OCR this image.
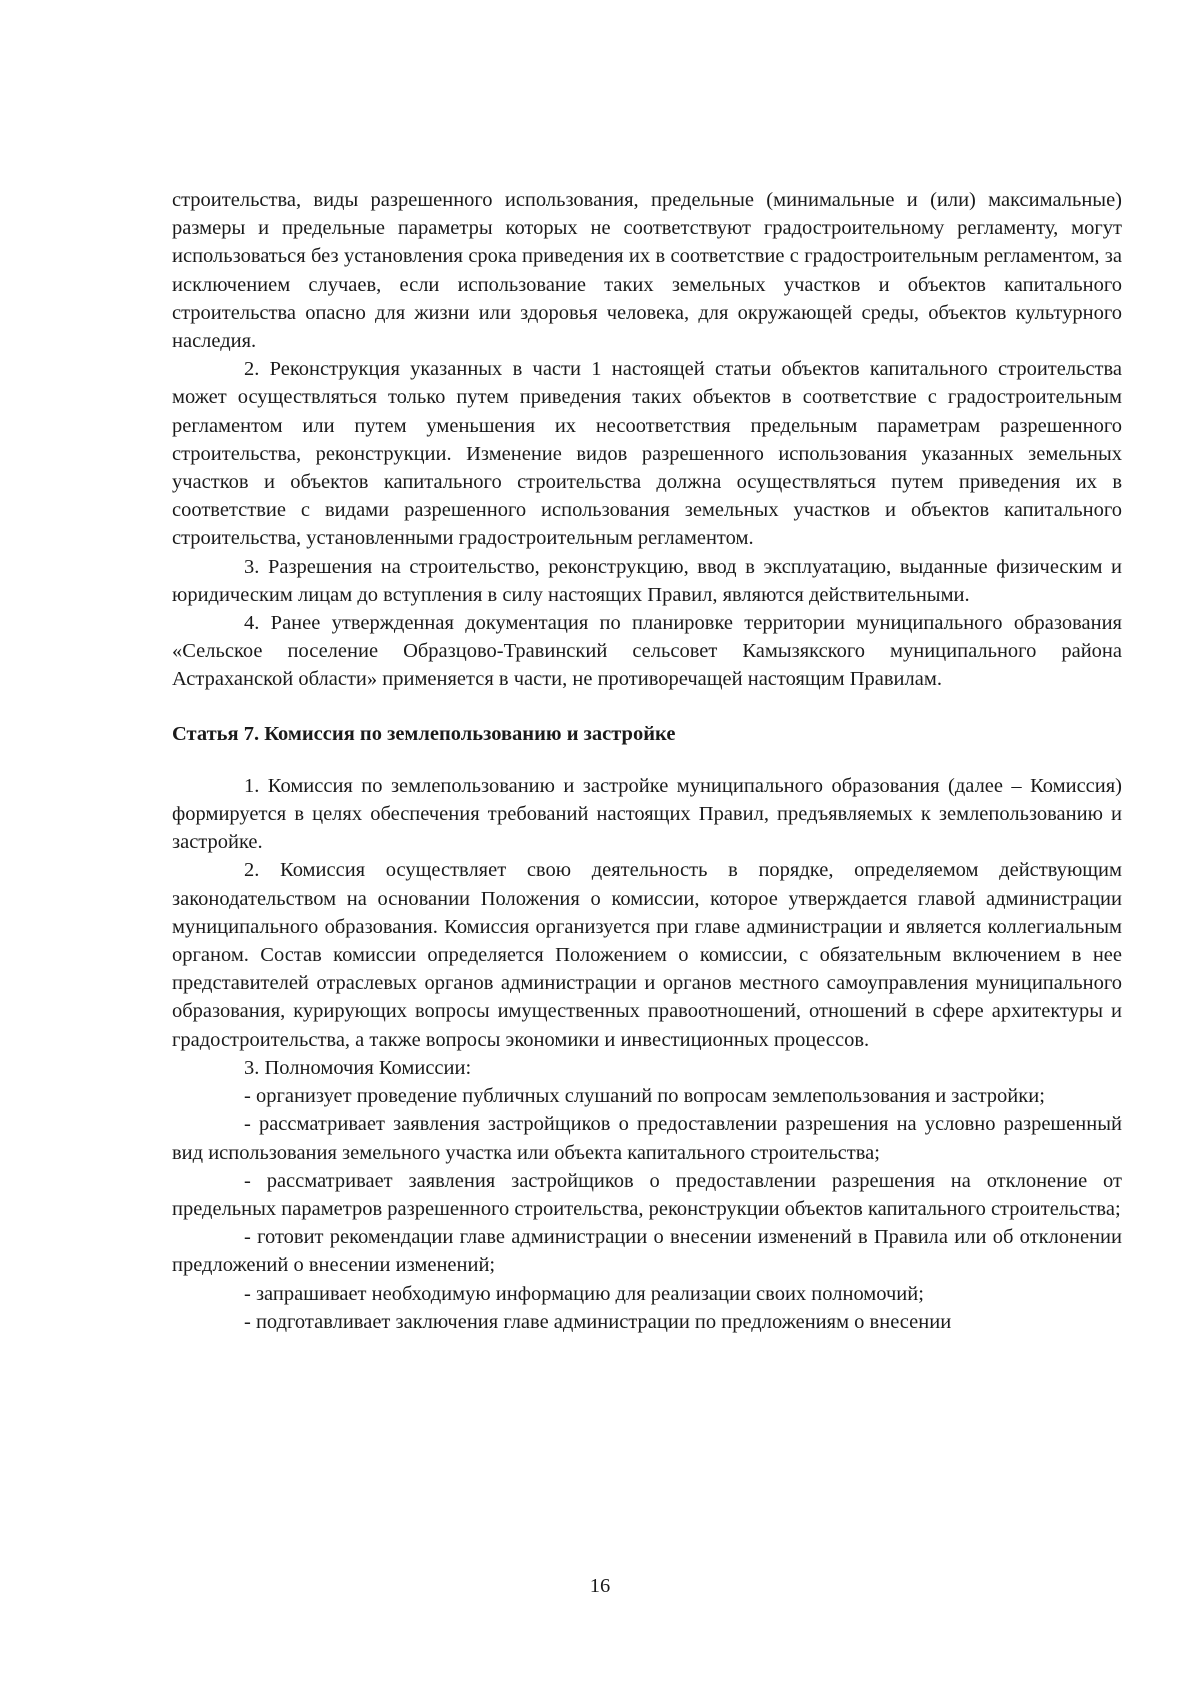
строительства, виды разрешенного использования, предельные (минимальные и (или) максимальные) размеры и предельные параметры которых не соответствуют градостроительному регламенту, могут использоваться без установления срока приведения их в соответствие с градостроительным регламентом, за исключением случаев, если использование таких земельных участков и объектов капитального строительства опасно для жизни или здоровья человека, для окружающей среды, объектов культурного наследия.

2. Реконструкция указанных в части 1 настоящей статьи объектов капитального строительства может осуществляться только путем приведения таких объектов в соответствие с градостроительным регламентом или путем уменьшения их несоответствия предельным параметрам разрешенного строительства, реконструкции. Изменение видов разрешенного использования указанных земельных участков и объектов капитального строительства должна осуществляться путем приведения их в соответствие с видами разрешенного использования земельных участков и объектов капитального строительства, установленными градостроительным регламентом.

3. Разрешения на строительство, реконструкцию, ввод в эксплуатацию, выданные физическим и юридическим лицам до вступления в силу настоящих Правил, являются действительными.

4. Ранее утвержденная документация по планировке территории муниципального образования «Сельское поселение Образцово-Травинский сельсовет Камызякского муниципального района Астраханской области» применяется в части, не противоречащей настоящим Правилам.

Статья 7. Комиссия по землепользованию и застройке

1. Комиссия по землепользованию и застройке муниципального образования (далее – Комиссия) формируется в целях обеспечения требований настоящих Правил, предъявляемых к землепользованию и застройке.

2. Комиссия осуществляет свою деятельность в порядке, определяемом действующим законодательством на основании Положения о комиссии, которое утверждается главой администрации муниципального образования. Комиссия организуется при главе администрации и является коллегиальным органом. Состав комиссии определяется Положением о комиссии, с обязательным включением в нее представителей отраслевых органов администрации и органов местного самоуправления муниципального образования, курирующих вопросы имущественных правоотношений, отношений в сфере архитектуры и градостроительства, а также вопросы экономики и инвестиционных процессов.

3. Полномочия Комиссии:

- организует проведение публичных слушаний по вопросам землепользования и застройки;

- рассматривает заявления застройщиков о предоставлении разрешения на условно разрешенный вид использования земельного участка или объекта капитального строительства;

- рассматривает заявления застройщиков о предоставлении разрешения на отклонение от предельных параметров разрешенного строительства, реконструкции объектов капитального строительства;

- готовит рекомендации главе администрации о внесении изменений в Правила или об отклонении предложений о внесении изменений;

- запрашивает необходимую информацию для реализации своих полномочий;

- подготавливает заключения главе администрации по предложениям о внесении

16
